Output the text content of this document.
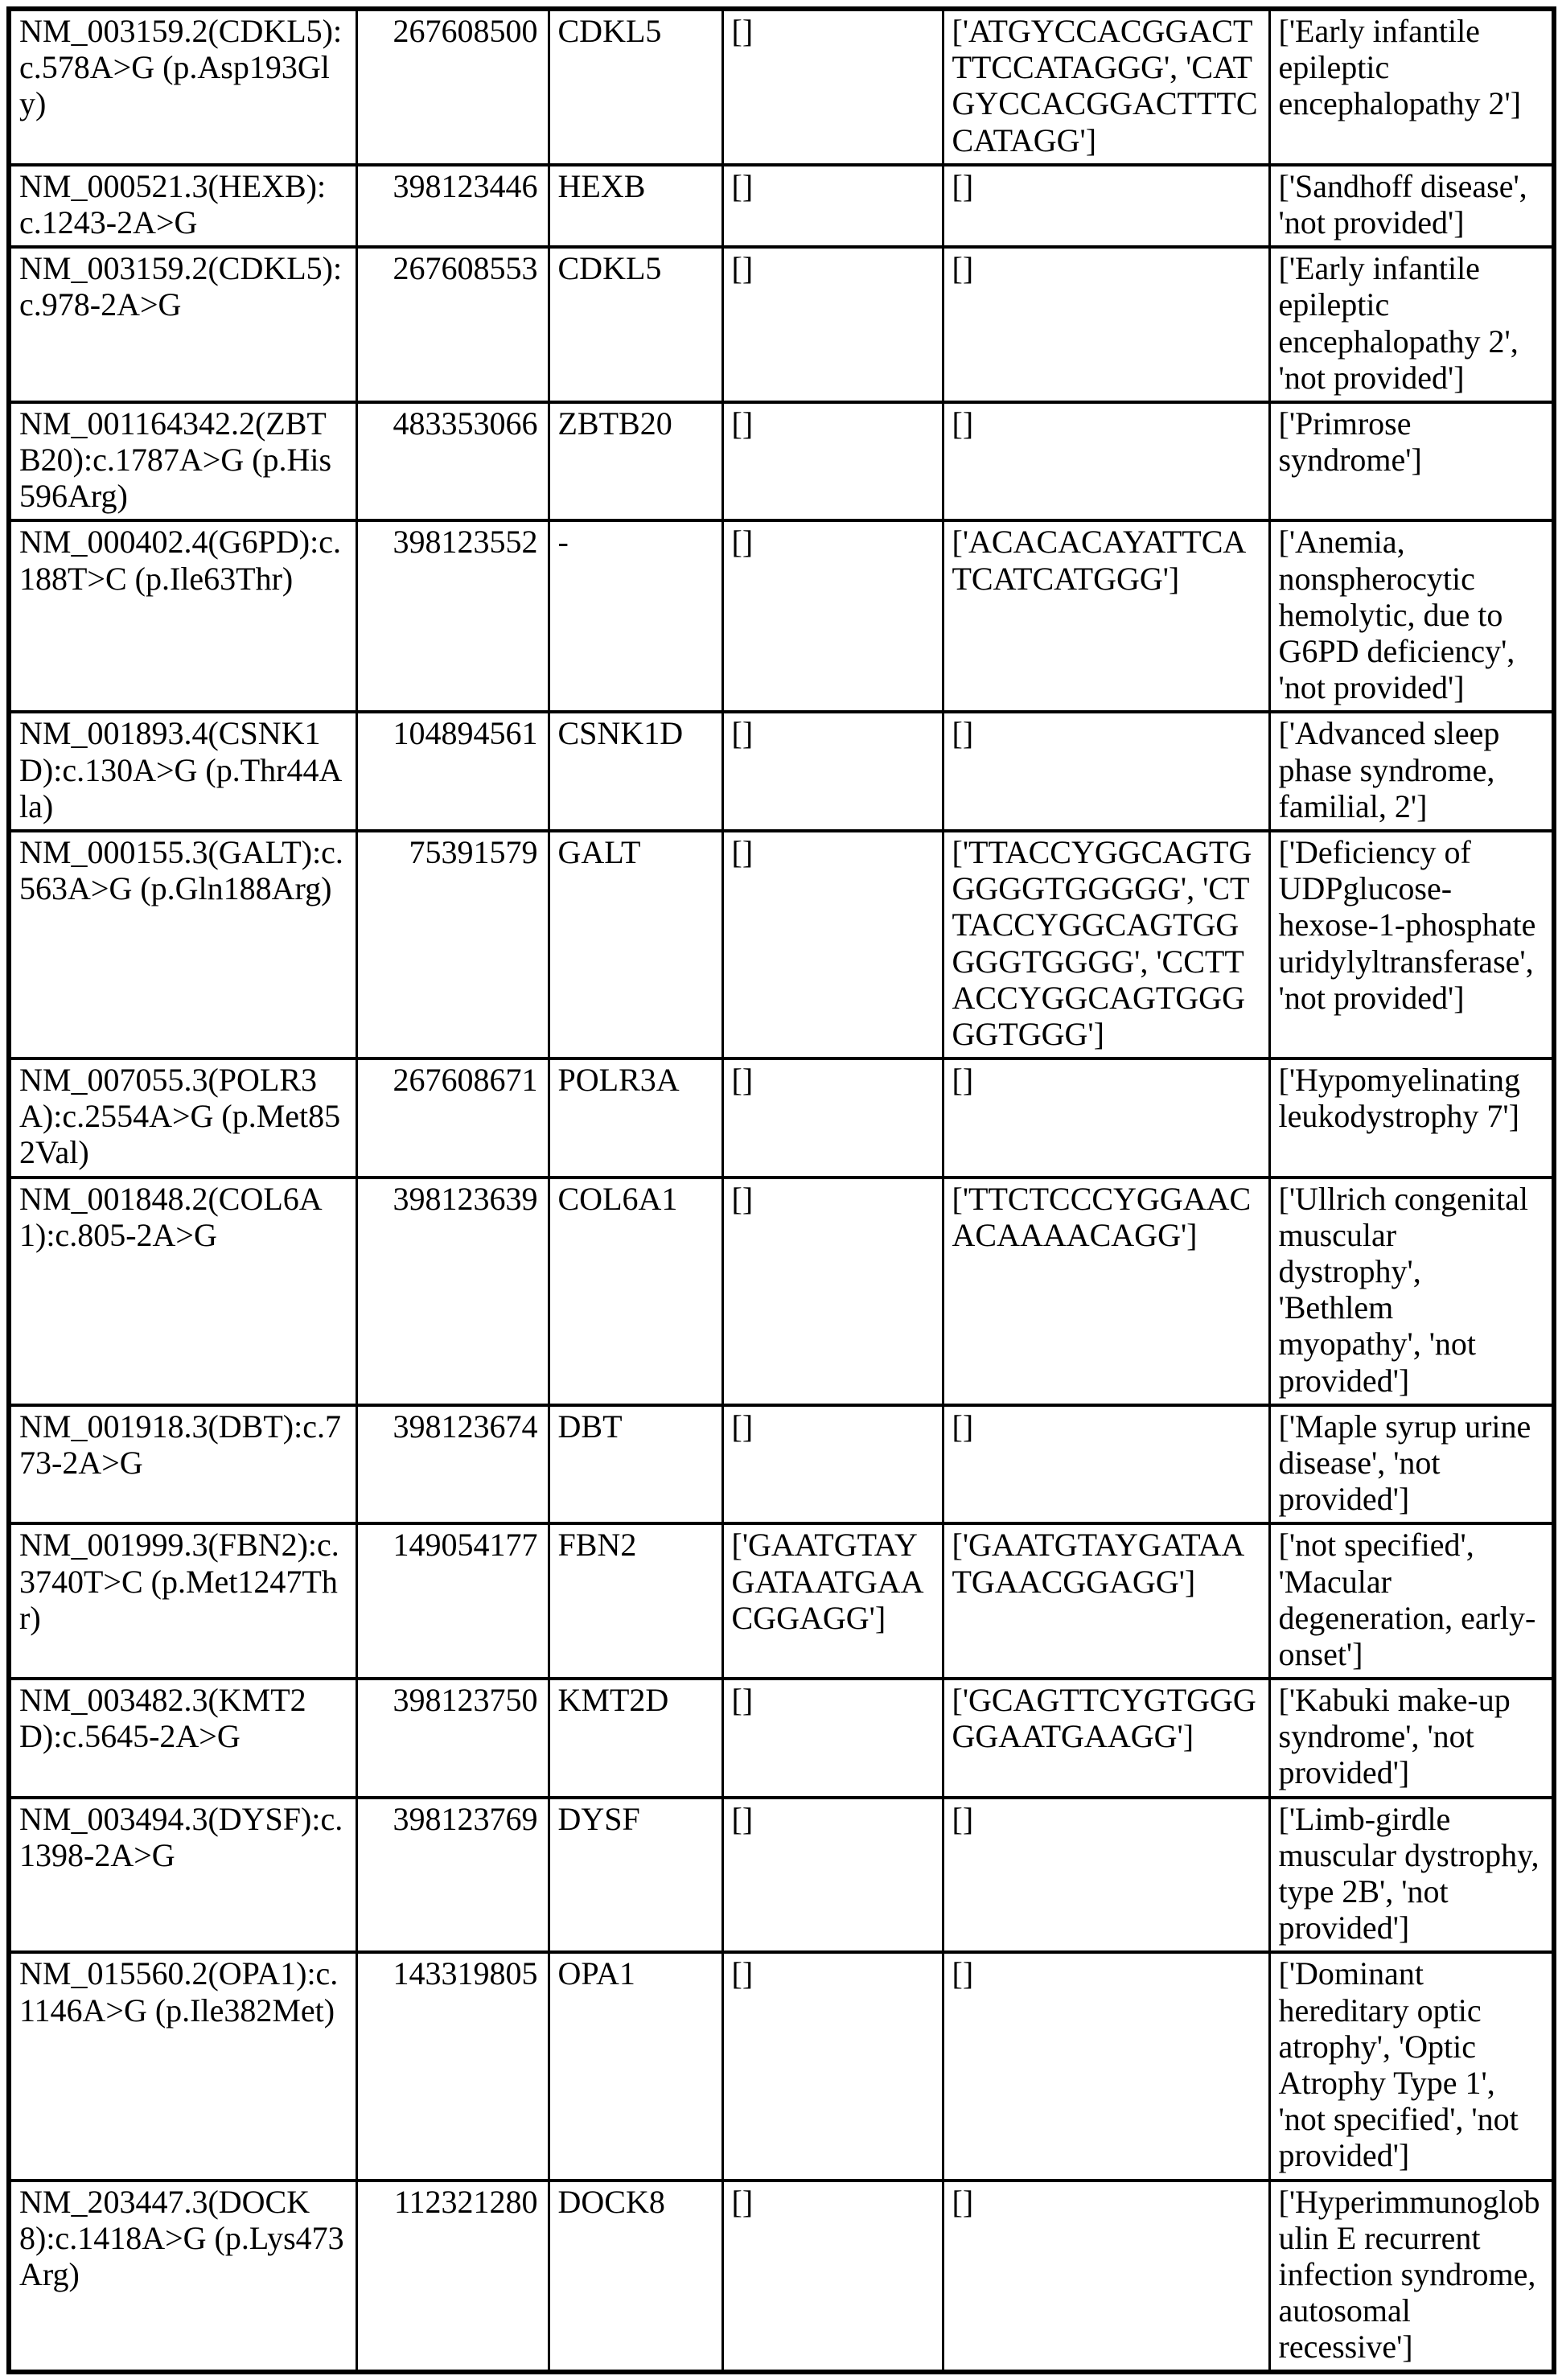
NM_003159.2(CDKL5):c.578A>G (p.Asp193Gly)	267608500	CDKL5	[]	['ATGYCCACGGACTTTCCATAGGG', 'CATGYCCACGGACTTTCCATAGG']	['Early infantile epileptic encephalopathy 2']
NM_000521.3(HEXB):c.1243-2A>G	398123446	HEXB	[]	[]	['Sandhoff disease', 'not provided']
NM_003159.2(CDKL5):c.978-2A>G	267608553	CDKL5	[]	[]	['Early infantile epileptic encephalopathy 2', 'not provided']
NM_001164342.2(ZBTB20):c.1787A>G (p.His596Arg)	483353066	ZBTB20	[]	[]	['Primrose syndrome']
NM_000402.4(G6PD):c.188T>C (p.Ile63Thr)	398123552	-	[]	['ACACACAYATTCATCATCATGGG']	['Anemia, nonspherocytic hemolytic, due to G6PD deficiency', 'not provided']
NM_001893.4(CSNK1D):c.130A>G (p.Thr44Ala)	104894561	CSNK1D	[]	[]	['Advanced sleep phase syndrome, familial, 2']
NM_000155.3(GALT):c.563A>G (p.Gln188Arg)	75391579	GALT	[]	['TTACCYGGCAGTGGGGGTGGGGG', 'CTTACCYGGCAGTGGGGGTGGGG', 'CCTTACCYGGCAGTGGGGGTGGG']	['Deficiency of UDPglucose-hexose-1-phosphate uridylyltransferase', 'not provided']
NM_007055.3(POLR3A):c.2554A>G (p.Met852Val)	267608671	POLR3A	[]	[]	['Hypomyelinating leukodystrophy 7']
NM_001848.2(COL6A1):c.805-2A>G	398123639	COL6A1	[]	['TTCTCCCYGGAACACAAAACAGG']	['Ullrich congenital muscular dystrophy', 'Bethlem myopathy', 'not provided']
NM_001918.3(DBT):c.773-2A>G	398123674	DBT	[]	[]	['Maple syrup urine disease', 'not provided']
NM_001999.3(FBN2):c.3740T>C (p.Met1247Thr)	149054177	FBN2	['GAATGTAYGATAATGAACGGAGG']	['GAATGTAYGATAATGAACGGAGG']	['not specified', 'Macular degeneration, early-onset']
NM_003482.3(KMT2D):c.5645-2A>G	398123750	KMT2D	[]	['GCAGTTCYGTGGGGGAATGAAGG']	['Kabuki make-up syndrome', 'not provided']
NM_003494.3(DYSF):c.1398-2A>G	398123769	DYSF	[]	[]	['Limb-girdle muscular dystrophy, type 2B', 'not provided']
NM_015560.2(OPA1):c.1146A>G (p.Ile382Met)	143319805	OPA1	[]	[]	['Dominant hereditary optic atrophy', 'Optic Atrophy Type 1', 'not specified', 'not provided']
NM_203447.3(DOCK8):c.1418A>G (p.Lys473Arg)	112321280	DOCK8	[]	[]	['Hyperimmunoglobulin E recurrent infection syndrome, autosomal recessive']
